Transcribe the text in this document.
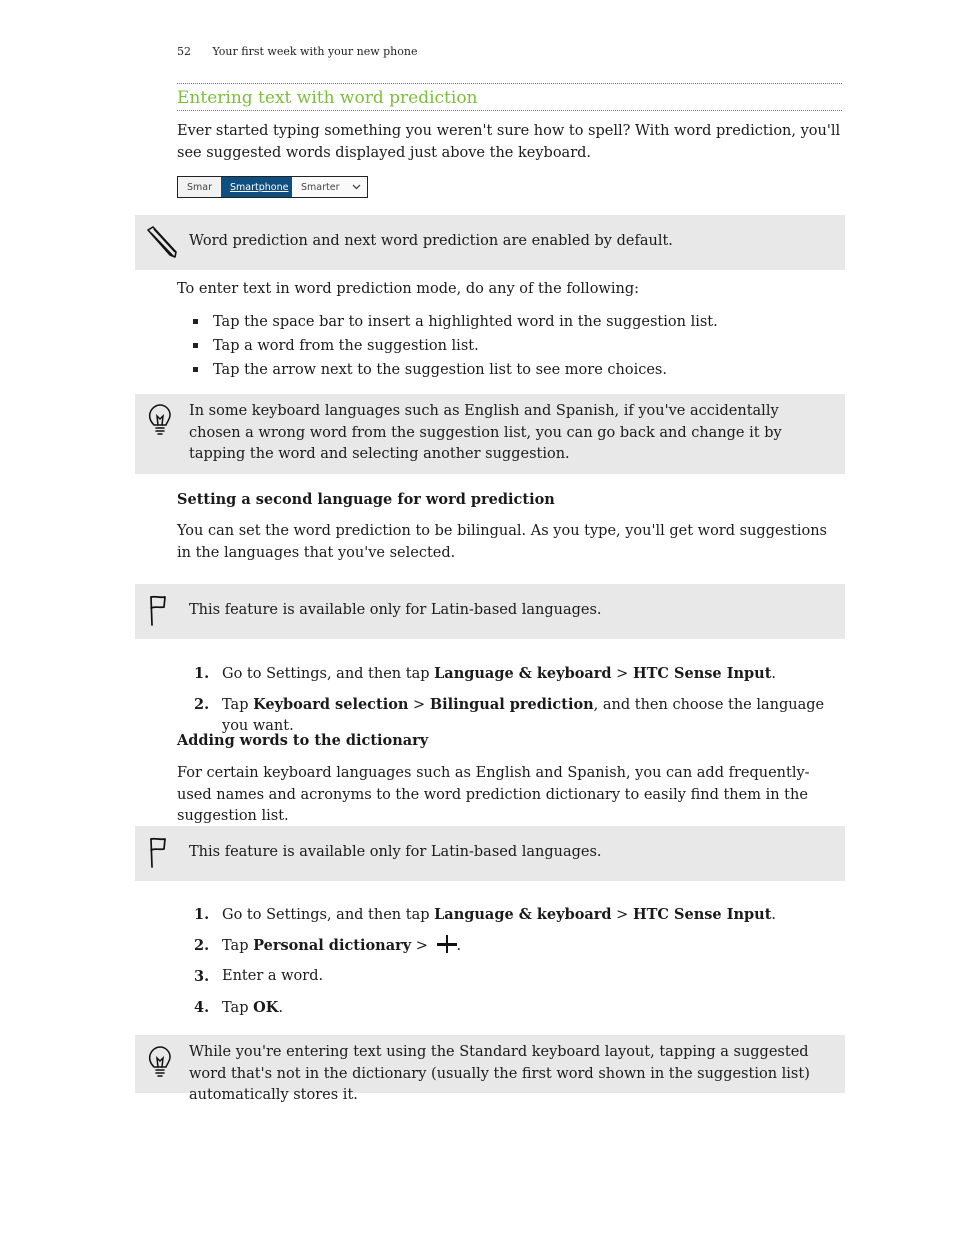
52 Your first week with your new phone
Entering text with word prediction
Ever started typing something you weren't sure how to spell? With word prediction, you'll see suggested words displayed just above the keyboard.
Smar	Smartphone	Smarter
Word prediction and next word prediction are enabled by default.
To enter text in word prediction mode, do any of the following:
Tap the space bar to insert a highlighted word in the suggestion list.
Tap a word from the suggestion list.
Tap the arrow next to the suggestion list to see more choices.
In some keyboard languages such as English and Spanish, if you've accidentally chosen a wrong word from the suggestion list, you can go back and change it by tapping the word and selecting another suggestion.
Setting a second language for word prediction
You can set the word prediction to be bilingual. As you type, you'll get word suggestions in the languages that you've selected.
This feature is available only for Latin-based languages.
1. Go to Settings, and then tap Language & keyboard > HTC Sense Input.
2. Tap Keyboard selection > Bilingual prediction, and then choose the language you want.
Adding words to the dictionary
For certain keyboard languages such as English and Spanish, you can add frequently-used names and acronyms to the word prediction dictionary to easily find them in the suggestion list.
This feature is available only for Latin-based languages.
1. Go to Settings, and then tap Language & keyboard > HTC Sense Input.
2. Tap Personal dictionary > .
3. Enter a word.
4. Tap OK.
While you're entering text using the Standard keyboard layout, tapping a suggested word that's not in the dictionary (usually the first word shown in the suggestion list) automatically stores it.
